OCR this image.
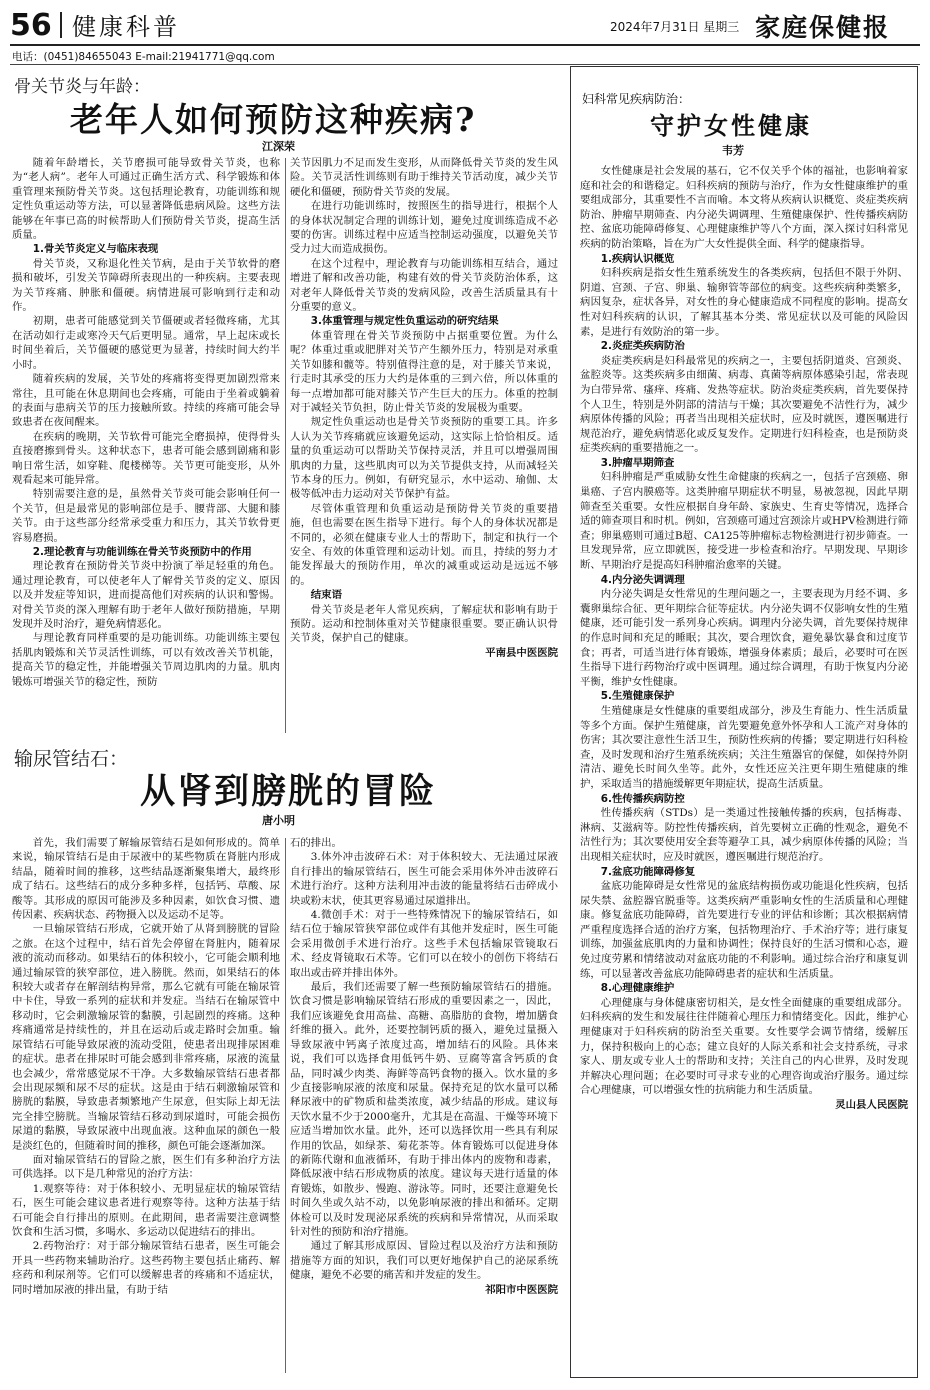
56 健康科普	2024年7月31日 星期三 家庭保健报
电话：(0451)84655043 E-mail:21941771@qq.com
骨关节炎与年龄：
老年人如何预防这种疾病?
江深荣

随着年龄增长，关节磨损可能导致骨关节炎，也称为“老人病”。老年人可通过正确生活方式、科学锻炼和体重管理来预防骨关节炎。这包括理论教育，功能训练和规定性负重运动等方法，可以显著降低患病风险。这些方法能够在年事已高的时候帮助人们预防骨关节炎，提高生活质量。

1.骨关节炎定义与临床表现

骨关节炎，又称退化性关节病，是由于关节软骨的磨损和破坏，引发关节障碍所表现出的一种疾病。主要表现为关节疼痛、肿胀和僵硬。病情进展可影响到行走和动作。

初期，患者可能感觉到关节僵硬或者轻微疼痛，尤其在活动如行走或寒冷天气后更明显。通常，早上起床或长时间坐着后，关节僵硬的感觉更为显著，持续时间大约半小时。

随着疾病的发展，关节处的疼痛将变得更加剧烈常来常往，且可能在休息期间也会疼痛，可能由于坐着或躺着的表面与患病关节的压力接触所致。持续的疼痛可能会导致患者在夜间醒来。

在疾病的晚期，关节软骨可能完全磨损掉，使得骨头直接磨擦到骨头。这种状态下，患者可能会感到剧痛和影响日常生活，如穿鞋、爬楼梯等。关节更可能变形，从外观看起来可能异常。

特别需要注意的是，虽然骨关节炎可能会影响任何一个关节，但是最常见的影响部位是手、腰背部、大腿和膝关节。由于这些部分经常承受重力和压力，其关节软骨更容易磨损。

2.理论教育与功能训练在骨关节炎预防中的作用

理论教育在预防骨关节炎中扮演了举足轻重的角色。通过理论教育，可以使老年人了解骨关节炎的定义、原因以及并发症等知识，进而提高他们对疾病的认识和警惕。对骨关节炎的深入理解有助于老年人做好预防措施，早期发现并及时治疗，避免病情恶化。

与理论教育同样重要的是功能训练。功能训练主要包括肌肉锻炼和关节灵活性训练，可以有效改善关节机能，提高关节的稳定性，并能增强关节周边肌肉的力量。肌肉锻炼可增强关节的稳定性，预防

关节因肌力不足而发生变形，从而降低骨关节炎的发生风险。关节灵活性训练则有助于维持关节活动度，减少关节硬化和僵硬，预防骨关节炎的发展。

在进行功能训练时，按照医生的指导进行，根据个人的身体状况制定合理的训练计划，避免过度训练造成不必要的伤害。训练过程中应适当控制运动强度，以避免关节受力过大而造成损伤。

在这个过程中，理论教育与功能训练相互结合，通过增进了解和改善功能，构建有效的骨关节炎防治体系，这对老年人降低骨关节炎的发病风险，改善生活质量具有十分重要的意义。

3.体重管理与规定性负重运动的研究结果

体重管理在骨关节炎预防中占据重要位置。为什么呢？体重过重或肥胖对关节产生额外压力，特别是对承重关节如膝和髋等。特别值得注意的是，对于膝关节来说，行走时其承受的压力大约是体重的三到六倍，所以体重的每一点增加都可能对膝关节产生巨大的压力。体重的控制对于减轻关节负担，防止骨关节炎的发展极为重要。

规定性负重运动也是骨关节炎预防的重要工具。许多人认为关节疼痛就应该避免运动，这实际上恰恰相反。适量的负重运动可以帮助关节保持灵活，并且可以增强周围肌肉的力量，这些肌肉可以为关节提供支持，从而减轻关节本身的压力。例如，有研究显示，水中运动、瑜伽、太极等低冲击力运动对关节保护有益。

尽管体重管理和负重运动是预防骨关节炎的重要措施，但也需要在医生指导下进行。每个人的身体状况都是不同的，必须在健康专业人士的帮助下，制定和执行一个安全、有效的体重管理和运动计划。而且，持续的努力才能发挥最大的预防作用，单次的减重或运动是远远不够的。

结束语

骨关节炎是老年人常见疾病，了解症状和影响有助于预防。运动和控制体重对关节健康很重要。要正确认识骨关节炎，保护自己的健康。

平南县中医医院

输尿管结石：
从肾到膀胱的冒险
唐小明

首先，我们需要了解输尿管结石是如何形成的。简单来说，输尿管结石是由于尿液中的某些物质在肾脏内形成结晶，随着时间的推移，这些结晶逐渐聚集增大，最终形成了结石。这些结石的成分多种多样，包括钙、草酸、尿酸等。其形成的原因可能涉及多种因素，如饮食习惯、遗传因素、疾病状态、药物摄入以及运动不足等。

一旦输尿管结石形成，它就开始了从肾到膀胱的冒险之旅。在这个过程中，结石首先会停留在肾脏内，随着尿液的流动而移动。如果结石的体积较小，它可能会顺利地通过输尿管的狭窄部位，进入膀胱。然而，如果结石的体积较大或者存在解剖结构异常，那么它就有可能在输尿管中卡住，导致一系列的症状和并发症。当结石在输尿管中移动时，它会刺激输尿管的黏膜，引起剧烈的疼痛。这种疼痛通常是持续性的，并且在运动后或走路时会加重。输尿管结石可能导致尿液的流动受阻，使患者出现排尿困难的症状。患者在排尿时可能会感到非常疼痛，尿液的流量也会减少，常常感觉尿不干净。大多数输尿管结石患者都会出现尿频和尿不尽的症状。这是由于结石刺激输尿管和膀胱的黏膜，导致患者频繁地产生尿意，但实际上却无法完全排空膀胱。当输尿管结石移动到尿道时，可能会损伤尿道的黏膜，导致尿液中出现血液。这种血尿的颜色一般是淡红色的，但随着时间的推移，颜色可能会逐渐加深。

面对输尿管结石的冒险之旅，医生们有多种治疗方法可供选择。以下是几种常见的治疗方法：

1.观察等待：对于体积较小、无明显症状的输尿管结石，医生可能会建议患者进行观察等待。这种方法基于结石可能会自行排出的原则。在此期间，患者需要注意调整饮食和生活习惯，多喝水、多运动以促进结石的排出。

2.药物治疗：对于部分输尿管结石患者，医生可能会开具一些药物来辅助治疗。这些药物主要包括止痛药、解痉药和利尿剂等。它们可以缓解患者的疼痛和不适症状，同时增加尿液的排出量，有助于结

石的排出。

3.体外冲击波碎石术：对于体积较大、无法通过尿液自行排出的输尿管结石，医生可能会采用体外冲击波碎石术进行治疗。这种方法利用冲击波的能量将结石击碎成小块或粉末状，使其更容易通过尿道排出。

4.微创手术：对于一些特殊情况下的输尿管结石，如结石位于输尿管狭窄部位或伴有其他并发症时，医生可能会采用微创手术进行治疗。这些手术包括输尿管镜取石术、经皮肾镜取石术等。它们可以在较小的创伤下将结石取出或击碎并排出体外。

最后，我们还需要了解一些预防输尿管结石的措施。饮食习惯是影响输尿管结石形成的重要因素之一，因此，我们应该避免食用高盐、高糖、高脂肪的食物，增加膳食纤维的摄入。此外，还要控制钙质的摄入，避免过量摄入导致尿液中钙离子浓度过高，增加结石的风险。具体来说，我们可以选择食用低钙牛奶、豆腐等富含钙质的食品，同时减少肉类、海鲜等高钙食物的摄入。饮水量的多少直接影响尿液的浓度和尿量。保持充足的饮水量可以稀释尿液中的矿物质和盐类浓度，减少结晶的形成。建议每天饮水量不少于2000毫升，尤其是在高温、干燥等环境下应适当增加饮水量。此外，还可以选择饮用一些具有利尿作用的饮品，如绿茶、菊花茶等。体育锻炼可以促进身体的新陈代谢和血液循环，有助于排出体内的废物和毒素，降低尿液中结石形成物质的浓度。建议每天进行适量的体育锻炼，如散步、慢跑、游泳等。同时，还要注意避免长时间久坐或久站不动，以免影响尿液的排出和循环。定期体检可以及时发现泌尿系统的疾病和异常情况，从而采取针对性的预防和治疗措施。

通过了解其形成原因、冒险过程以及治疗方法和预防措施等方面的知识，我们可以更好地保护自己的泌尿系统健康，避免不必要的痛苦和并发症的发生。

祁阳市中医医院

妇科常见疾病防治：
守护女性健康
韦芳

女性健康是社会发展的基石，它不仅关乎个体的福祉，也影响着家庭和社会的和谐稳定。妇科疾病的预防与治疗，作为女性健康维护的重要组成部分，其重要性不言而喻。本文将从疾病认识概览、炎症类疾病防治、肿瘤早期筛查、内分泌失调调理、生殖健康保护、性传播疾病防控、盆底功能障碍修复、心理健康维护等八个方面，深入探讨妇科常见疾病的防治策略，旨在为广大女性提供全面、科学的健康指导。

1.疾病认识概览

妇科疾病是指女性生殖系统发生的各类疾病，包括但不限于外阴、阴道、宫颈、子宫、卵巢、输卵管等部位的病变。这些疾病种类繁多，病因复杂，症状各异，对女性的身心健康造成不同程度的影响。提高女性对妇科疾病的认识，了解其基本分类、常见症状以及可能的风险因素，是进行有效防治的第一步。

2.炎症类疾病防治

炎症类疾病是妇科最常见的疾病之一，主要包括阴道炎、宫颈炎、盆腔炎等。这类疾病多由细菌、病毒、真菌等病原体感染引起，常表现为白带异常、瘙痒、疼痛、发热等症状。防治炎症类疾病，首先要保持个人卫生，特别是外阴部的清洁与干燥；其次要避免不洁性行为，减少病原体传播的风险；再者当出现相关症状时，应及时就医，遵医嘱进行规范治疗，避免病情恶化或反复发作。定期进行妇科检查，也是预防炎症类疾病的重要措施之一。

3.肿瘤早期筛查

妇科肿瘤是严重威胁女性生命健康的疾病之一，包括子宫颈癌、卵巢癌、子宫内膜癌等。这类肿瘤早期症状不明显，易被忽视，因此早期筛查至关重要。女性应根据自身年龄、家族史、生育史等情况，选择合适的筛查项目和时机。例如，宫颈癌可通过宫颈涂片或HPV检测进行筛查；卵巢癌则可通过B超、CA125等肿瘤标志物检测进行初步筛查。一旦发现异常，应立即就医，接受进一步检查和治疗。早期发现、早期诊断、早期治疗是提高妇科肿瘤治愈率的关键。

4.内分泌失调调理

内分泌失调是女性常见的生理问题之一，主要表现为月经不调、多囊卵巢综合征、更年期综合征等症状。内分泌失调不仅影响女性的生殖健康，还可能引发一系列身心疾病。调理内分泌失调，首先要保持规律的作息时间和充足的睡眠；其次，要合理饮食，避免暴饮暴食和过度节食；再者，可适当进行体育锻炼，增强身体素质；最后，必要时可在医生指导下进行药物治疗或中医调理。通过综合调理，有助于恢复内分泌平衡，维护女性健康。

5.生殖健康保护

生殖健康是女性健康的重要组成部分，涉及生育能力、性生活质量等多个方面。保护生殖健康，首先要避免意外怀孕和人工流产对身体的伤害；其次要注意性生活卫生，预防性疾病的传播；要定期进行妇科检查，及时发现和治疗生殖系统疾病；关注生殖器官的保健，如保持外阴清洁、避免长时间久坐等。此外，女性还应关注更年期生殖健康的维护，采取适当的措施缓解更年期症状，提高生活质量。

6.性传播疾病防控

性传播疾病（STDs）是一类通过性接触传播的疾病，包括梅毒、淋病、艾滋病等。防控性传播疾病，首先要树立正确的性观念，避免不洁性行为；其次要使用安全套等避孕工具，减少病原体传播的风险；当出现相关症状时，应及时就医，遵医嘱进行规范治疗。

7.盆底功能障碍修复

盆底功能障碍是女性常见的盆底结构损伤或功能退化性疾病，包括尿失禁、盆腔器官脱垂等。这类疾病严重影响女性的生活质量和心理健康。修复盆底功能障碍，首先要进行专业的评估和诊断；其次根据病情严重程度选择合适的治疗方案，包括物理治疗、手术治疗等；进行康复训练，加强盆底肌肉的力量和协调性；保持良好的生活习惯和心态，避免过度劳累和情绪波动对盆底功能的不利影响。通过综合治疗和康复训练，可以显著改善盆底功能障碍患者的症状和生活质量。

8.心理健康维护

心理健康与身体健康密切相关，是女性全面健康的重要组成部分。妇科疾病的发生和发展往往伴随着心理压力和情绪变化。因此，维护心理健康对于妇科疾病的防治至关重要。女性要学会调节情绪，缓解压力，保持积极向上的心态；建立良好的人际关系和社会支持系统，寻求家人、朋友或专业人士的帮助和支持；关注自己的内心世界，及时发现并解决心理问题；在必要时可寻求专业的心理咨询或治疗服务。通过综合心理健康，可以增强女性的抗病能力和生活质量。

灵山县人民医院
